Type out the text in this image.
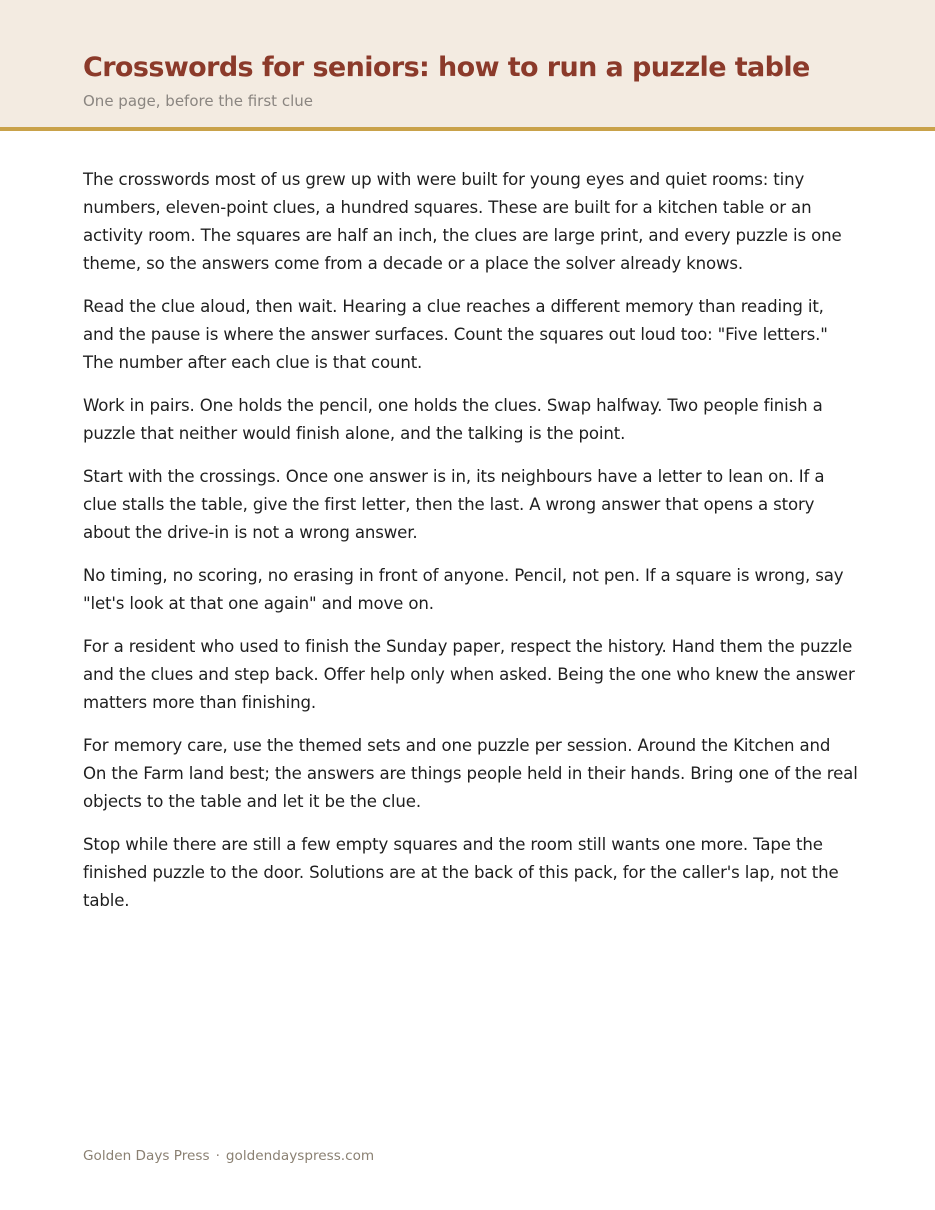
Crosswords for seniors: how to run a puzzle table
One page, before the first clue

The crosswords most of us grew up with were built for young eyes and quiet rooms: tiny numbers, eleven-point clues, a hundred squares. These are built for a kitchen table or an activity room. The squares are half an inch, the clues are large print, and every puzzle is one theme, so the answers come from a decade or a place the solver already knows.

Read the clue aloud, then wait. Hearing a clue reaches a different memory than reading it, and the pause is where the answer surfaces. Count the squares out loud too: "Five letters." The number after each clue is that count.

Work in pairs. One holds the pencil, one holds the clues. Swap halfway. Two people finish a puzzle that neither would finish alone, and the talking is the point.

Start with the crossings. Once one answer is in, its neighbours have a letter to lean on. If a clue stalls the table, give the first letter, then the last. A wrong answer that opens a story about the drive-in is not a wrong answer.

No timing, no scoring, no erasing in front of anyone. Pencil, not pen. If a square is wrong, say "let's look at that one again" and move on.

For a resident who used to finish the Sunday paper, respect the history. Hand them the puzzle and the clues and step back. Offer help only when asked. Being the one who knew the answer matters more than finishing.

For memory care, use the themed sets and one puzzle per session. Around the Kitchen and On the Farm land best; the answers are things people held in their hands. Bring one of the real objects to the table and let it be the clue.

Stop while there are still a few empty squares and the room still wants one more. Tape the finished puzzle to the door. Solutions are at the back of this pack, for the caller's lap, not the table.

Golden Days Press · goldendayspress.com
